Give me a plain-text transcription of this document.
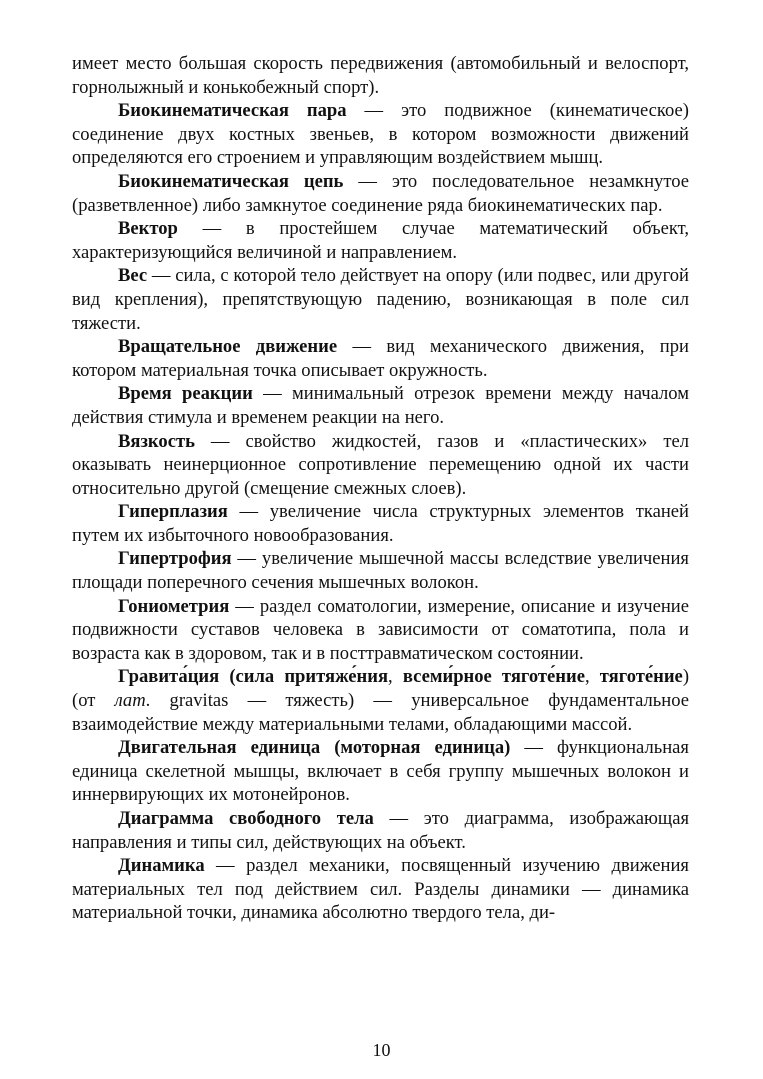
имеет место большая скорость передвижения (автомобильный и велоспорт, горнолыжный и конькобежный спорт).

Биокинематическая пара — это подвижное (кинематическое) соединение двух костных звеньев, в котором возможности движений определяются его строением и управляющим воздействием мышц.

Биокинематическая цепь — это последовательное незамкнутое (разветвленное) либо замкнутое соединение ряда биокинематических пар.

Вектор — в простейшем случае математический объект, характеризующийся величиной и направлением.

Вес — сила, с которой тело действует на опору (или подвес, или другой вид крепления), препятствующую падению, возникающая в поле сил тяжести.

Вращательное движение — вид механического движения, при котором материальная точка описывает окружность.

Время реакции — минимальный отрезок времени между началом действия стимула и временем реакции на него.

Вязкость — свойство жидкостей, газов и «пластических» тел оказывать неинерционное сопротивление перемещению одной их части относительно другой (смещение смежных слоев).

Гиперплазия — увеличение числа структурных элементов тканей путем их избыточного новообразования.

Гипертрофия — увеличение мышечной массы вследствие увеличения площади поперечного сечения мышечных волокон.

Гониометрия — раздел соматологии, измерение, описание и изучение подвижности суставов человека в зависимости от соматотипа, пола и возраста как в здоровом, так и в посттравматическом состоянии.

Гравита́ция (сила притяже́ния, всеми́рное тяготе́ние, тяготе́ние) (от лат. gravitas — тяжесть) — универсальное фундаментальное взаимодействие между материальными телами, обладающими массой.

Двигательная единица (моторная единица) — функциональная единица скелетной мышцы, включает в себя группу мышечных волокон и иннервирующих их мотонейронов.

Диаграмма свободного тела — это диаграмма, изображающая направления и типы сил, действующих на объект.

Динамика — раздел механики, посвященный изучению движения материальных тел под действием сил. Разделы динамики — динамика материальной точки, динамика абсолютно твердого тела, ди-

10
